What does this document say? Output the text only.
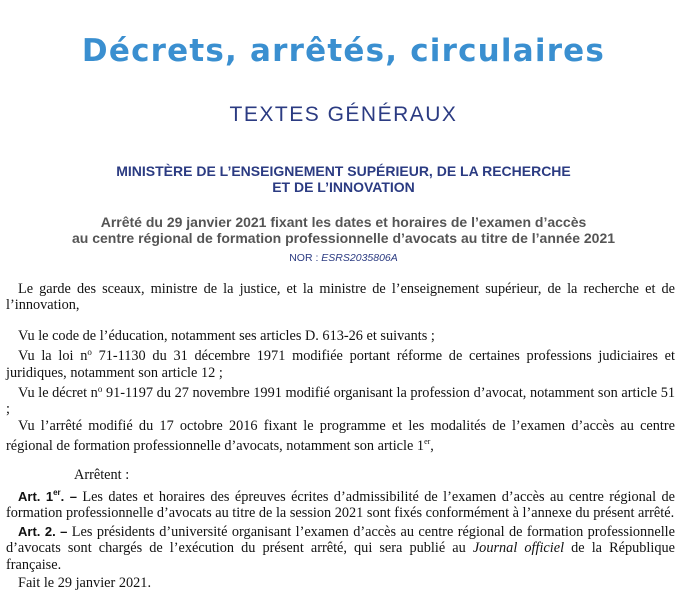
Décrets, arrêtés, circulaires
TEXTES GÉNÉRAUX
MINISTÈRE DE L’ENSEIGNEMENT SUPÉRIEUR, DE LA RECHERCHE
ET DE L’INNOVATION
Arrêté du 29 janvier 2021 fixant les dates et horaires de l’examen d’accès
au centre régional de formation professionnelle d’avocats au titre de l’année 2021
NOR : ESRS2035806A

Le garde des sceaux, ministre de la justice, et la ministre de l’enseignement supérieur, de la recherche et de l’innovation,

Vu le code de l’éducation, notamment ses articles D. 613-26 et suivants ;

Vu la loi $n^o$ 71-1130 du 31 décembre 1971 modifiée portant réforme de certaines professions judiciaires et juridiques, notamment son article 12 ;

Vu le décret $n^o$ 91-1197 du 27 novembre 1991 modifié organisant la profession d’avocat, notamment son article 51 ;

Vu l’arrêté modifié du 17 octobre 2016 fixant le programme et les modalités de l’examen d’accès au centre régional de formation professionnelle d’avocats, notamment son article 1er,

Arrêtent :

Art. 1er. – Les dates et horaires des épreuves écrites d’admissibilité de l’examen d’accès au centre régional de formation professionnelle d’avocats au titre de la session 2021 sont fixés conformément à l’annexe du présent arrêté.

Art. 2. – Les présidents d’université organisant l’examen d’accès au centre régional de formation professionnelle d’avocats sont chargés de l’exécution du présent arrêté, qui sera publié au Journal officiel de la République française.

Fait le 29 janvier 2021.
